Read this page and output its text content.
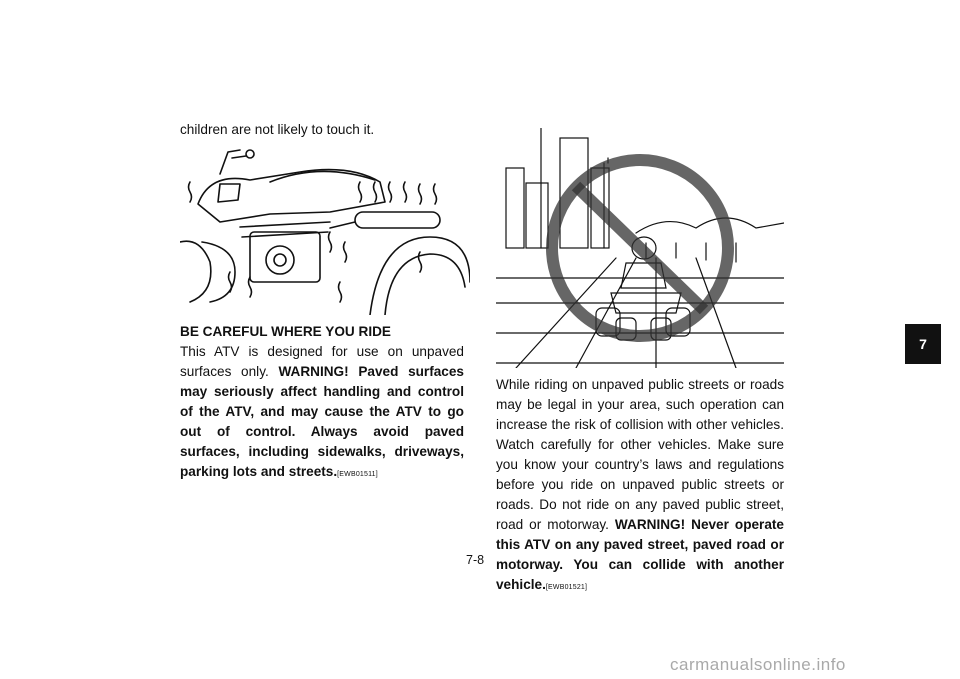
children are not likely to touch it.

BE CAREFUL WHERE YOU RIDE

This ATV is designed for use on unpaved surfaces only. WARNING! Paved surfaces may seriously affect handling and control of the ATV, and may cause the ATV to go out of control. Always avoid paved surfaces, including sidewalks, driveways, parking lots and streets.[EWB01511]

While riding on unpaved public streets or roads may be legal in your area, such operation can increase the risk of collision with other vehicles. Watch carefully for other vehicles. Make sure you know your country’s laws and regulations before you ride on unpaved public streets or roads. Do not ride on any paved public street, road or motorway. WARNING! Never operate this ATV on any paved street, paved road or motorway. You can collide with another vehicle.[EWB01521]

7
7-8
carmanualsonline.info
